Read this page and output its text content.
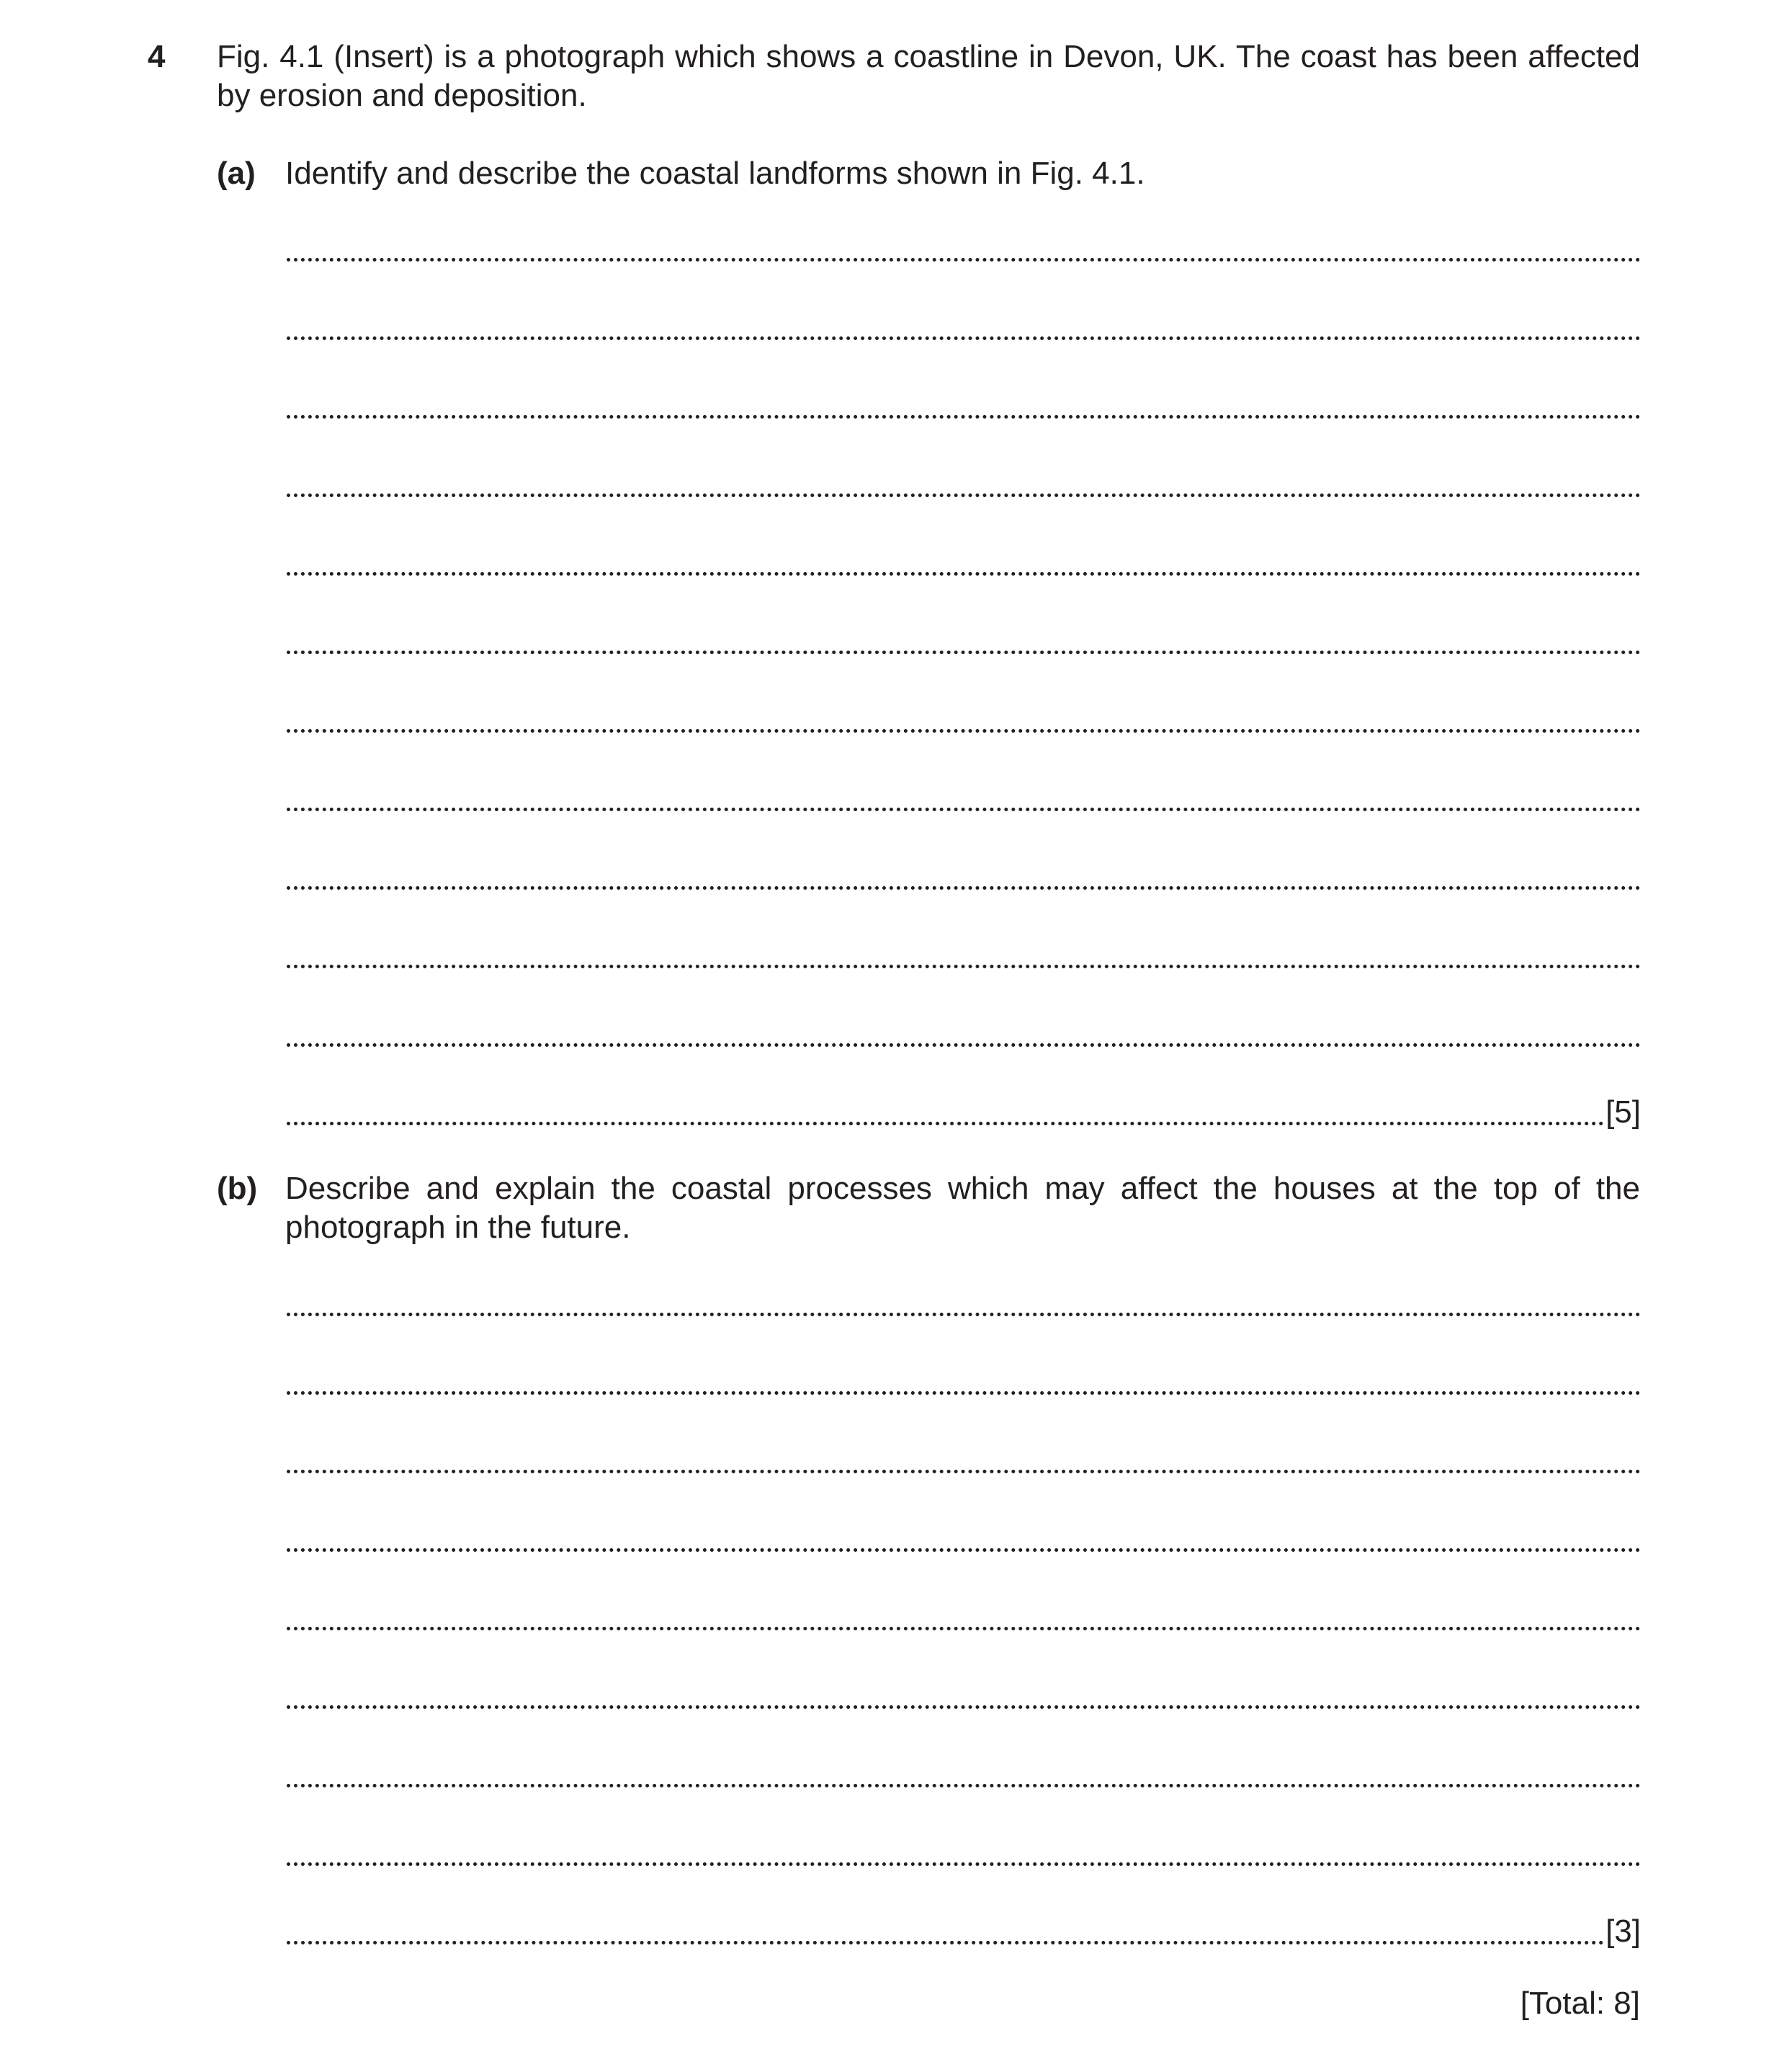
4 Fig. 4.1 (Insert) is a photograph which shows a coastline in Devon, UK. The coast has been affected by erosion and deposition.
(a) Identify and describe the coastal landforms shown in Fig. 4.1.
[5]
(b) Describe and explain the coastal processes which may affect the houses at the top of the photograph in the future.
[3]
[Total: 8]
